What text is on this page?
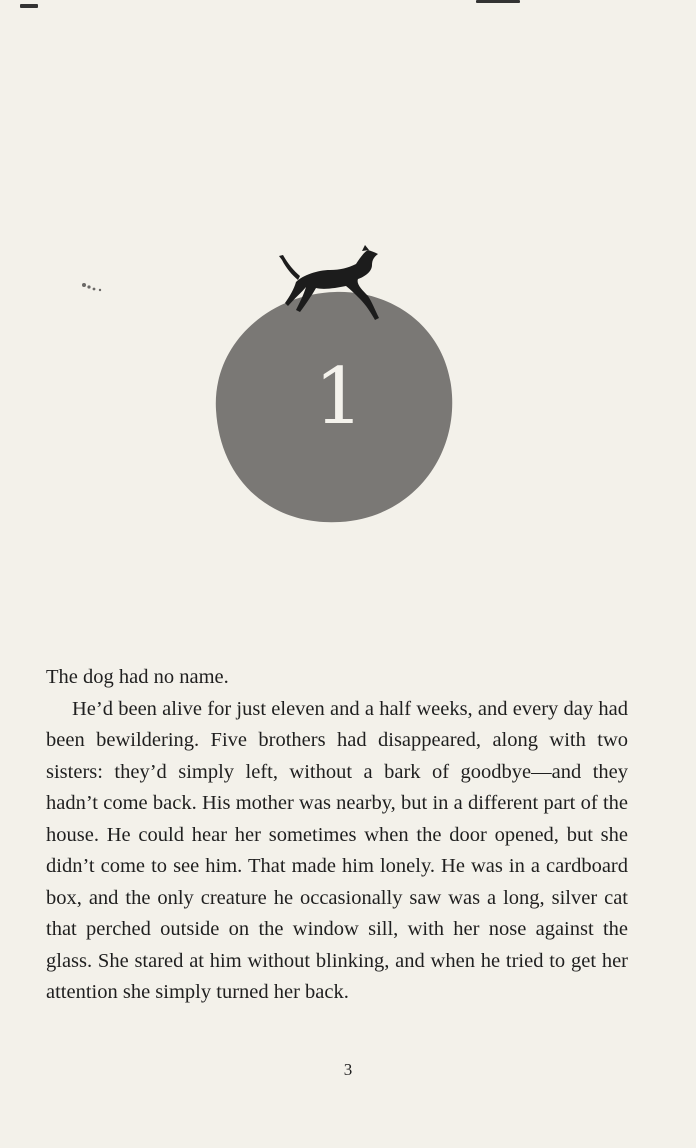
1

The dog had no name.

He’d been alive for just eleven and a half weeks, and every day had been bewildering. Five brothers had disappeared, along with two sisters: they’d simply left, without a bark of goodbye—and they hadn’t come back. His mother was nearby, but in a different part of the house. He could hear her sometimes when the door opened, but she didn’t come to see him. That made him lonely. He was in a cardboard box, and the only creature he occasionally saw was a long, silver cat that perched outside on the window sill, with her nose against the glass. She stared at him without blinking, and when he tried to get her attention she simply turned her back.

3
